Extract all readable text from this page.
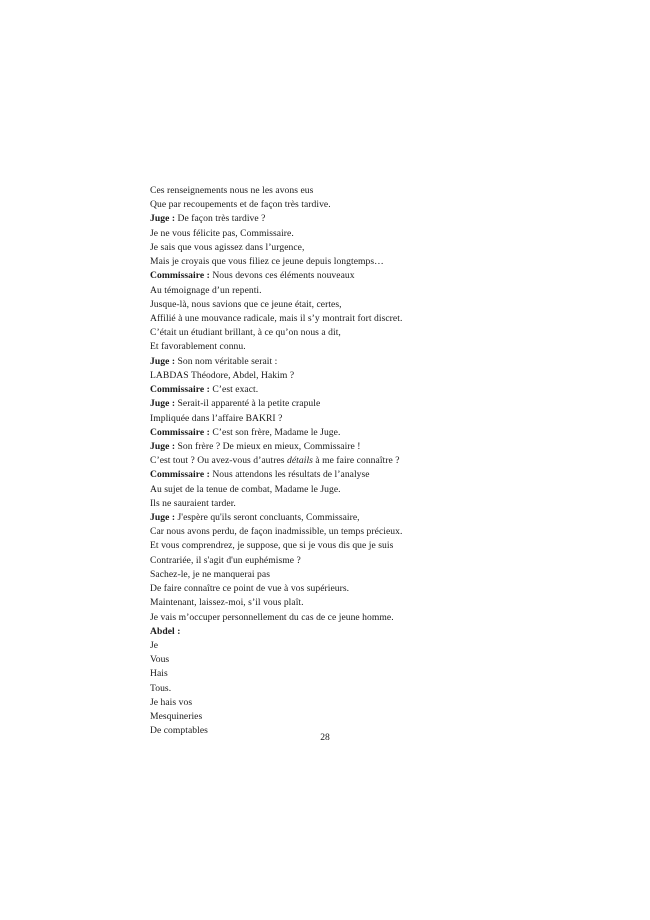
Ces renseignements nous ne les avons eus
Que par recoupements et de façon très tardive.
Juge : De façon très tardive ?
Je ne vous félicite pas, Commissaire.
Je sais que vous agissez dans l’urgence,
Mais je croyais que vous filiez ce jeune depuis longtemps…
Commissaire : Nous devons ces éléments nouveaux
Au témoignage d’un repenti.
Jusque-là, nous savions que ce jeune était, certes,
Affilié à une mouvance radicale, mais il s’y montrait fort discret.
C’était un étudiant brillant, à ce qu’on nous a dit,
Et favorablement connu.
Juge : Son nom véritable serait :
LABDAS Théodore, Abdel, Hakim ?
Commissaire : C’est exact.
Juge : Serait-il apparenté à la petite crapule
Impliquée dans l’affaire BAKRI ?
Commissaire : C’est son frère, Madame le Juge.
Juge : Son frère ? De mieux en mieux, Commissaire !
C’est tout ? Ou avez-vous d’autres détails à me faire connaître ?
Commissaire : Nous attendons les résultats de l’analyse
Au sujet de la tenue de combat, Madame le Juge.
Ils ne sauraient tarder.
Juge : J'espère qu'ils seront concluants, Commissaire,
Car nous avons perdu, de façon inadmissible, un temps précieux.
Et vous comprendrez, je suppose, que si je vous dis que je suis
Contrariée, il s'agit d'un euphémisme ?
Sachez-le, je ne manquerai pas
De faire connaître ce point de vue à vos supérieurs.
Maintenant, laissez-moi, s’il vous plaît.
Je vais m’occuper personnellement du cas de ce jeune homme.
Abdel :
Je
Vous
Hais
Tous.
Je hais vos
Mesquineries
De comptables
28
